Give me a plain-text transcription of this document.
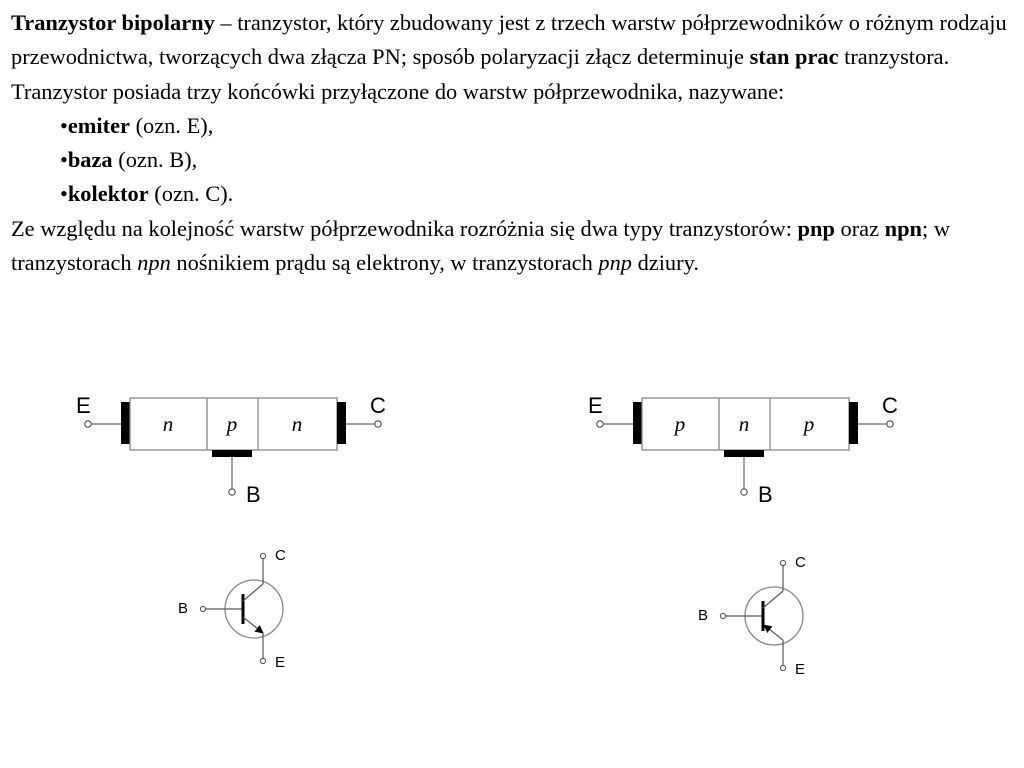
Tranzystor bipolarny – tranzystor, który zbudowany jest z trzech warstw półprzewodników o różnym rodzaju przewodnictwa, tworzących dwa złącza PN; sposób polaryzacji złącz determinuje stan prac tranzystora.

Tranzystor posiada trzy końcówki przyłączone do warstw półprzewodnika, nazywane:

•emiter (ozn. E),

•baza (ozn. B),

•kolektor (ozn. C).

Ze względu na kolejność warstw półprzewodnika rozróżnia się dwa typy tranzystorów: pnp oraz npn; w tranzystorach npn nośnikiem prądu są elektrony, w tranzystorach pnp dziury.

E
n	p	n
C
B
B
C
E
E
p	n	p
C
B
B
C
E
